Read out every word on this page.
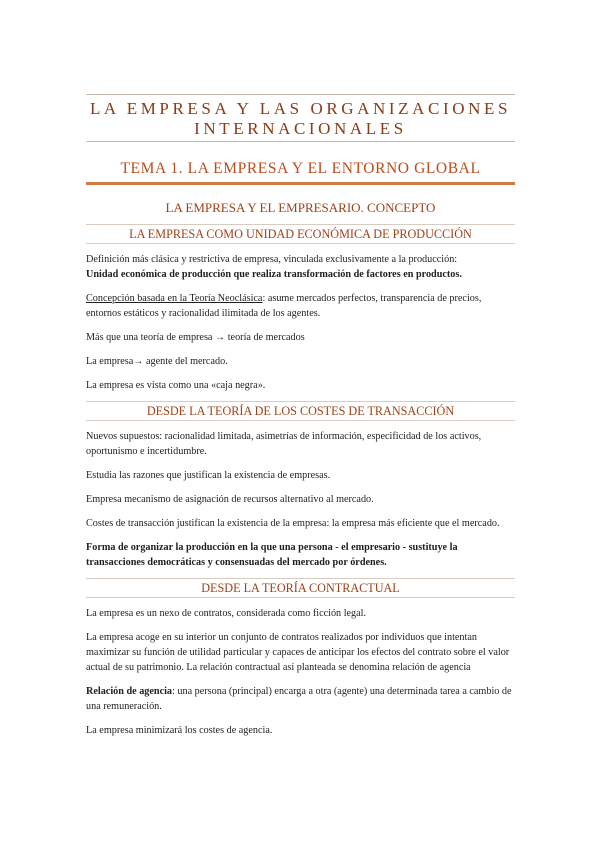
LA EMPRESA Y LAS ORGANIZACIONES INTERNACIONALES
TEMA 1. LA EMPRESA Y EL ENTORNO GLOBAL
LA EMPRESA Y EL EMPRESARIO. CONCEPTO
LA EMPRESA COMO UNIDAD ECONÓMICA DE PRODUCCIÓN

Definición más clásica y restrictiva de empresa, vinculada exclusivamente a la producción:
Unidad económica de producción que realiza transformación de factores en productos.

Concepción basada en la Teoría Neoclásica: asume mercados perfectos, transparencia de precios, entornos estáticos y racionalidad ilimitada de los agentes.

Más que una teoría de empresa → teoría de mercados

La empresa→ agente del mercado.

La empresa es vista como una «caja negra».

DESDE LA TEORÍA DE LOS COSTES DE TRANSACCIÓN

Nuevos supuestos: racionalidad limitada, asimetrías de información, especificidad de los activos, oportunismo e incertidumbre.

Estudia las razones que justifican la existencia de empresas.

Empresa mecanismo de asignación de recursos alternativo al mercado.

Costes de transacción justifican la existencia de la empresa: la empresa más eficiente que el mercado.

Forma de organizar la producción en la que una persona - el empresario - sustituye la transacciones democráticas y consensuadas del mercado por órdenes.

DESDE LA TEORÍA CONTRACTUAL

La empresa es un nexo de contratos, considerada como ficción legal.

La empresa acoge en su interior un conjunto de contratos realizados por individuos que intentan maximizar su función de utilidad particular y capaces de anticipar los efectos del contrato sobre el valor actual de su patrimonio. La relación contractual así planteada se denomina relación de agencia

Relación de agencia: una persona (principal) encarga a otra (agente) una determinada tarea a cambio de una remuneración.

La empresa minimizará los costes de agencia.
